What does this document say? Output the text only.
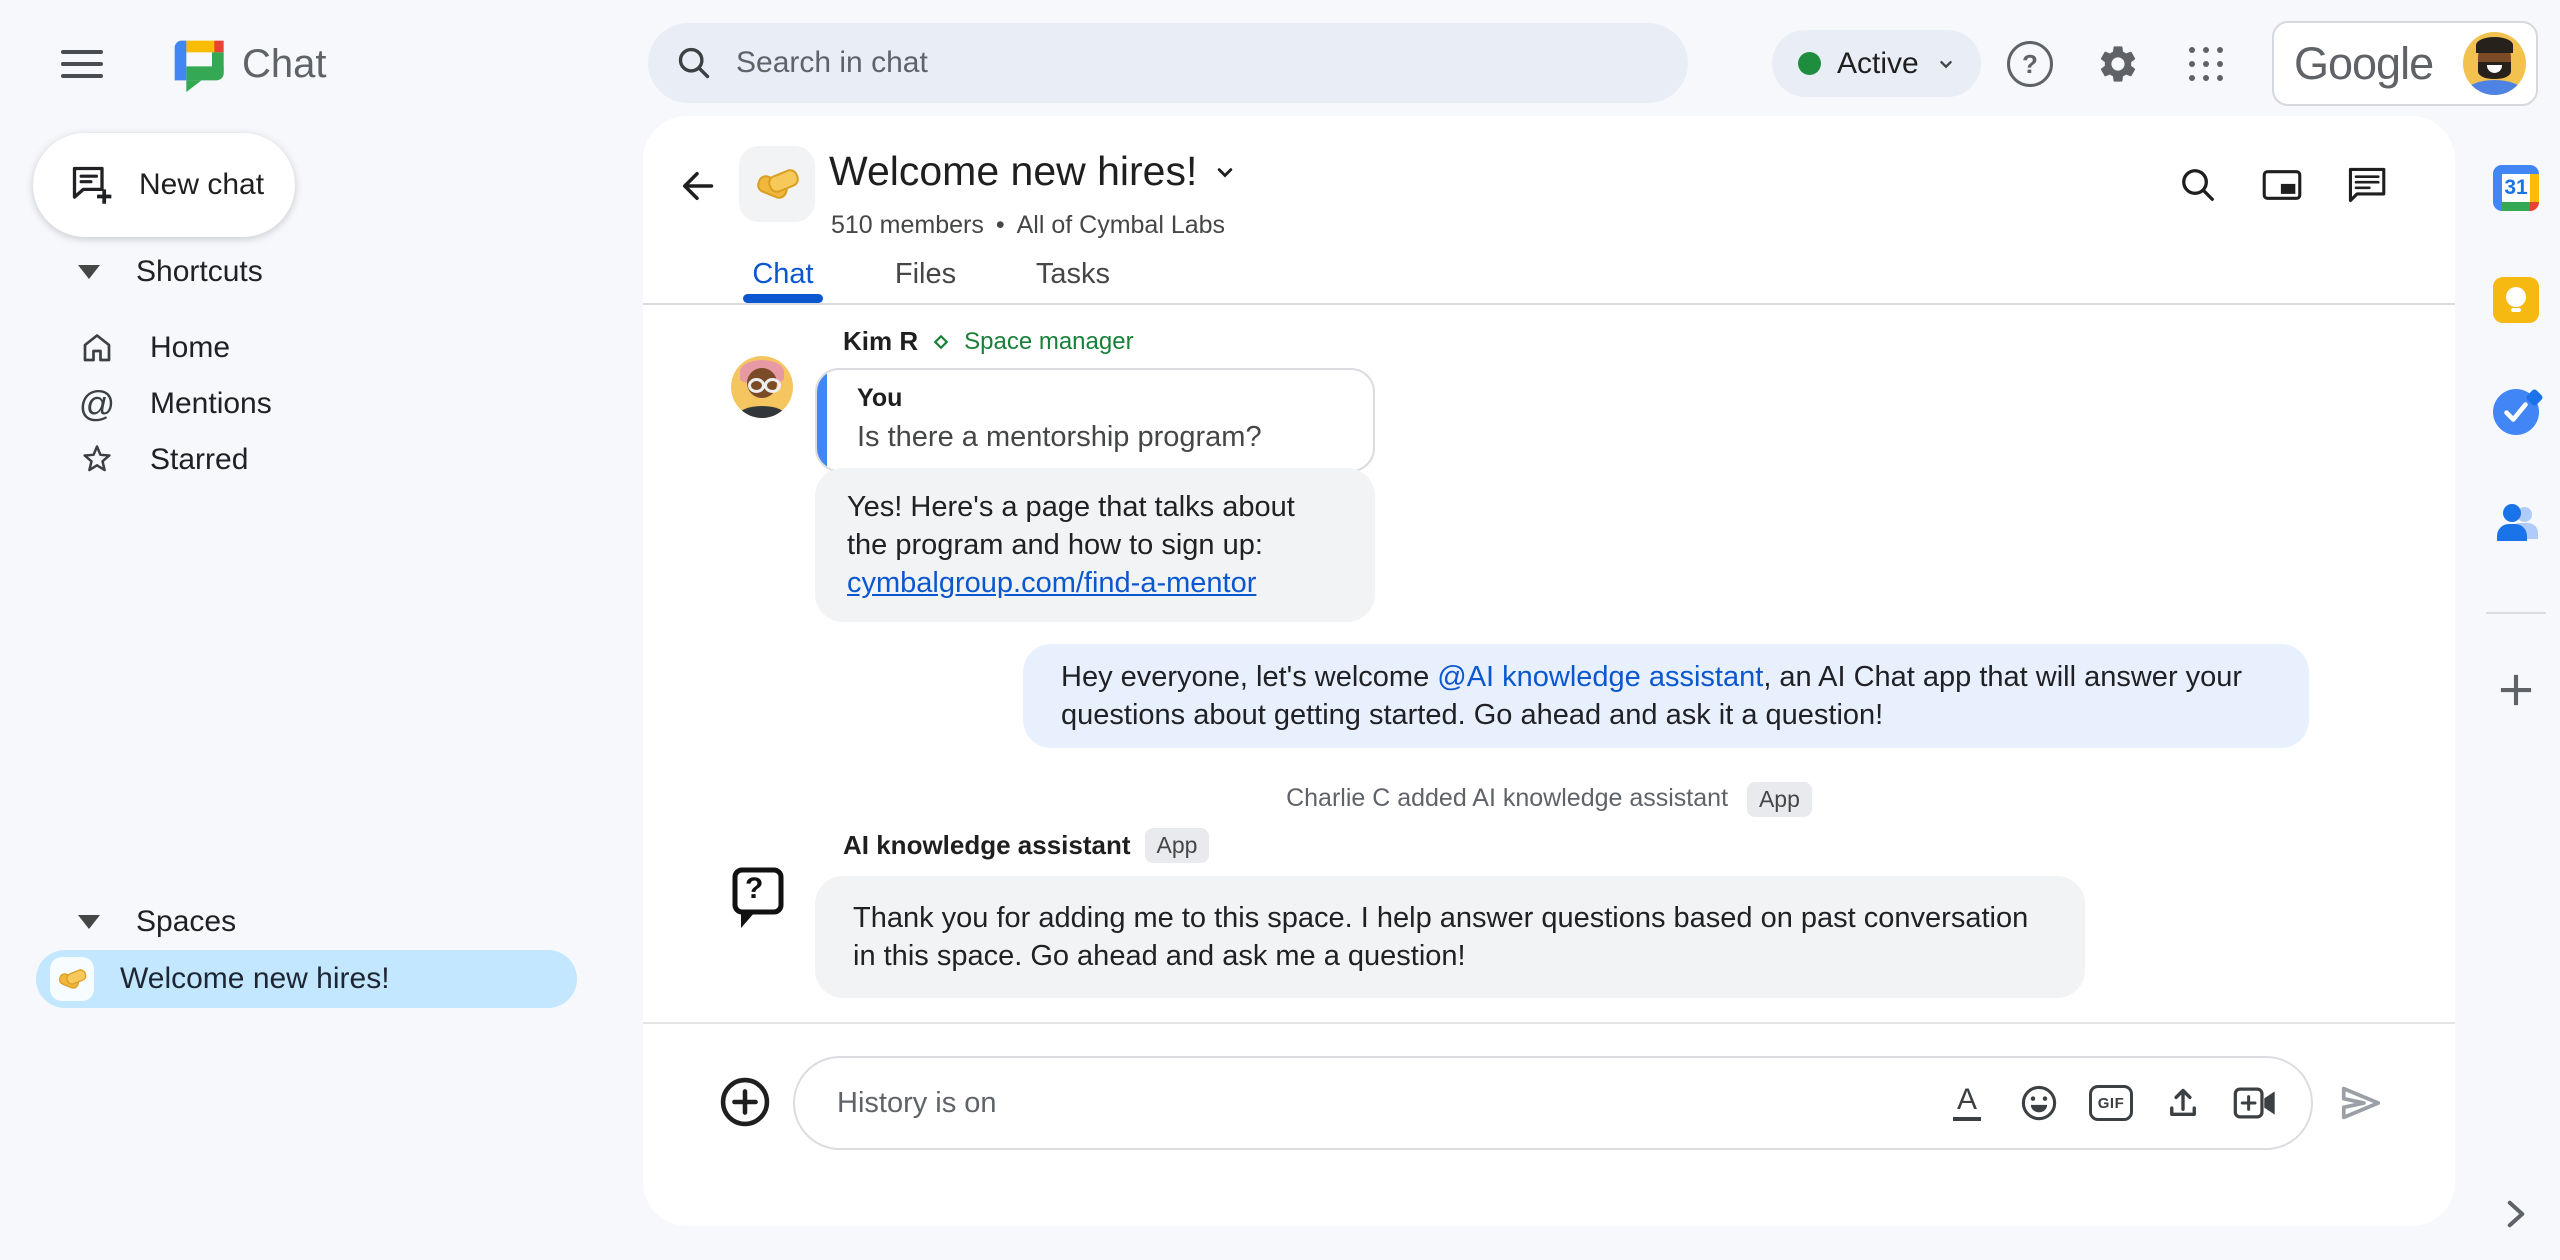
Chat
Search in chat	Active	?	Google
New chat
Shortcuts
Home
@ Mentions
Starred
Spaces
Welcome new hires!
Welcome new hires!
510 members • All of Cymbal Labs
Chat	Files	Tasks
Kim R Space manager
You
Is there a mentorship program?
Yes! Here's a page that talks about the program and how to sign up:
cymbalgroup.com/find-a-mentor
Hey everyone, let's welcome @AI knowledge assistant, an AI Chat app that will answer your questions about getting started. Go ahead and ask it a question!
Charlie C added AI knowledge assistant App
AI knowledge assistant	App
?
Thank you for adding me to this space. I help answer questions based on past conversation in this space. Go ahead and ask me a question!
History is on
A	GIF
31
